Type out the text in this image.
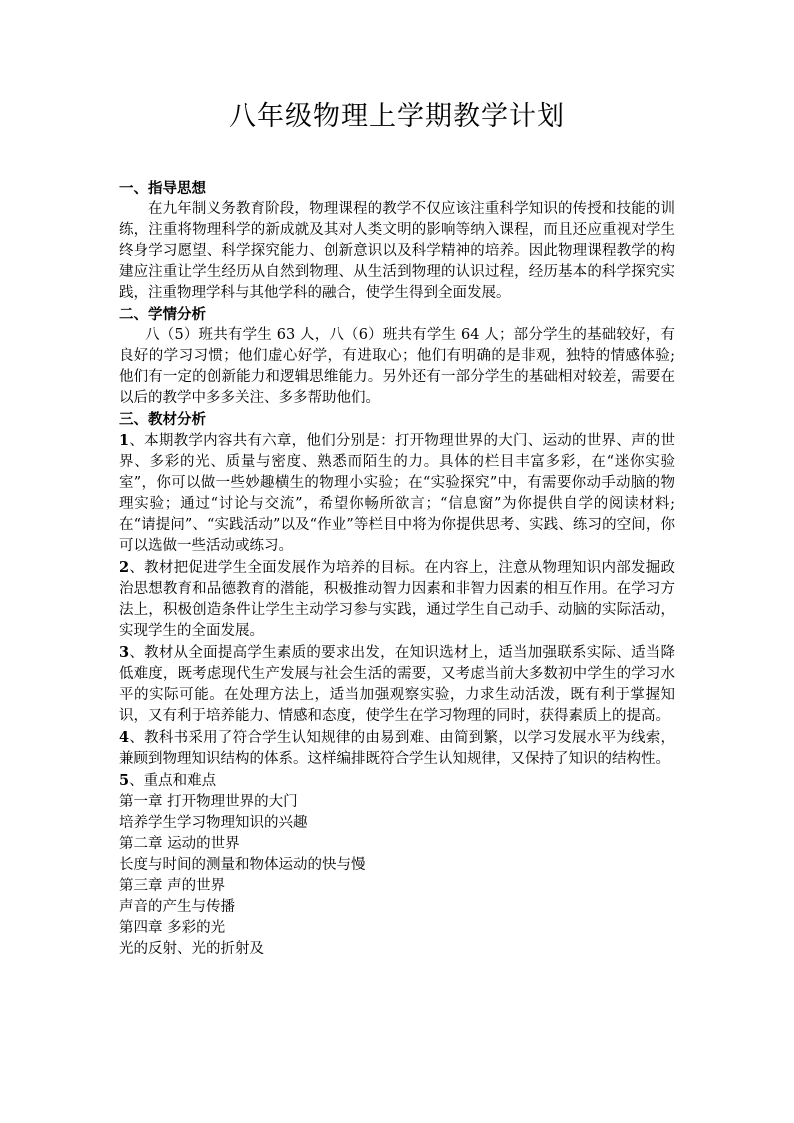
八年级物理上学期教学计划

一、指导思想

在九年制义务教育阶段，物理课程的教学不仅应该注重科学知识的传授和技能的训练，注重将物理科学的新成就及其对人类文明的影响等纳入课程，而且还应重视对学生终身学习愿望、科学探究能力、创新意识以及科学精神的培养。因此物理课程教学的构建应注重让学生经历从自然到物理、从生活到物理的认识过程，经历基本的科学探究实践，注重物理学科与其他学科的融合，使学生得到全面发展。

二、学情分析

八（5）班共有学生 63 人，八（6）班共有学生 64 人；部分学生的基础较好，有良好的学习习惯；他们虚心好学，有进取心；他们有明确的是非观，独特的情感体验; 他们有一定的创新能力和逻辑思维能力。另外还有一部分学生的基础相对较差，需要在以后的教学中多多关注、多多帮助他们。

三、教材分析

1、本期教学内容共有六章，他们分别是：打开物理世界的大门、运动的世界、声的世界、多彩的光、质量与密度、熟悉而陌生的力。具体的栏目丰富多彩，在“迷你实验室”，你可以做一些妙趣横生的物理小实验；在“实验探究”中，有需要你动手动脑的物理实验；通过“讨论与交流”，希望你畅所欲言；“信息窗”为你提供自学的阅读材料; 在“请提问”、“实践活动”以及“作业”等栏目中将为你提供思考、实践、练习的空间，你可以选做一些活动或练习。

2、教材把促进学生全面发展作为培养的目标。在内容上，注意从物理知识内部发掘政治思想教育和品德教育的潜能，积极推动智力因素和非智力因素的相互作用。在学习方法上，积极创造条件让学生主动学习参与实践，通过学生自己动手、动脑的实际活动，实现学生的全面发展。

3、教材从全面提高学生素质的要求出发，在知识选材上，适当加强联系实际、适当降低难度，既考虑现代生产发展与社会生活的需要，又考虑当前大多数初中学生的学习水平的实际可能。在处理方法上，适当加强观察实验，力求生动活泼，既有利于掌握知识，又有利于培养能力、情感和态度，使学生在学习物理的同时，获得素质上的提高。

4、教科书采用了符合学生认知规律的由易到难、由简到繁，以学习发展水平为线索，兼顾到物理知识结构的体系。这样编排既符合学生认知规律，又保持了知识的结构性。

5、重点和难点

第一章 打开物理世界的大门

培养学生学习物理知识的兴趣

第二章 运动的世界

长度与时间的测量和物体运动的快与慢

第三章 声的世界

声音的产生与传播

第四章 多彩的光

光的反射、光的折射及
